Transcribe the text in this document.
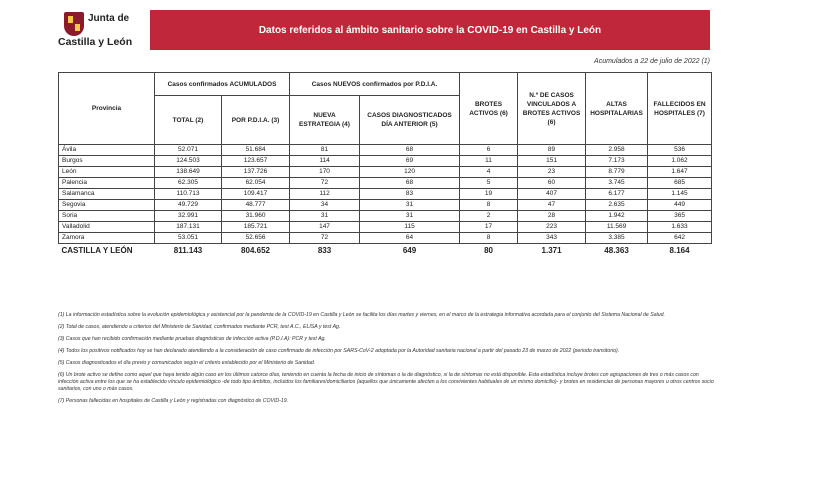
Junta de
Castilla y León
Datos referidos al ámbito sanitario sobre la COVID-19 en Castilla y León
Acumulados a 22 de julio de 2022 (1)
Provincia	Casos confirmados ACUMULADOS		Casos NUEVOS confirmados por P.D.I.A.		BROTES ACTIVOS (6)	N.º DE CASOS VINCULADOS A BROTES ACTIVOS (6)	ALTAS HOSPITALARIAS	FALLECIDOS EN HOSPITALES (7)
	TOTAL (2)	POR P.D.I.A. (3)	NUEVA ESTRATEGIA (4)	CASOS DIAGNOSTICADOS DÍA ANTERIOR (5)				
Ávila	52.071	51.684	81	68	6	89	2.958	536
Burgos	124.503	123.657	114	69	11	151	7.173	1.062
León	138.649	137.726	170	120	4	23	8.779	1.647
Palencia	62.305	62.054	72	68	5	60	3.745	685
Salamanca	110.713	109.417	112	83	19	407	6.177	1.145
Segovia	49.729	48.777	34	31	8	47	2.635	449
Soria	32.991	31.960	31	31	2	28	1.942	365
Valladolid	187.131	185.721	147	115	17	223	11.569	1.633
Zamora	53.051	52.656	72	64	8	343	3.385	642
CASTILLA Y LEÓN	811.143	804.652	833	649	80	1.371	48.363	8.164

(1) La información estadística sobre la evolución epidemiológica y asistencial por la pandemia de la COVID-19 en Castilla y León se facilita los días martes y viernes, en el marco de la estrategia informativa acordada para el conjunto del Sistema Nacional de Salud.

(2) Total de casos, atendiendo a criterios del Ministerio de Sanidad, confirmados mediante PCR, test A.C., ELISA y test Ag.

(3) Casos que han recibido confirmación mediante pruebas diagnósticas de infección activa (P.D.I.A): PCR y test Ag.

(4) Todos los positivos notificados hoy se han declarado atendiendo a la consideración de caso confirmado de infección por SARS-CoV-2 adoptada por la Autoridad sanitaria nacional a partir del pasado 23 de marzo de 2022 (periodo transitorio).

(5) Casos diagnosticados el día previo y comunicados según el criterio establecido por el Ministerio de Sanidad.

(6) Un brote activo se define como aquel que haya tenido algún caso en los últimos catorce días, teniendo en cuenta la fecha de inicio de síntomas o la de diagnóstico, si la de síntomas no está disponible. Esta estadística incluye brotes con agrupaciones de tres o más casos con infección activa entre los que se ha establecido vínculo epidemiológico -de todo tipo ámbitos, incluidos los familiares/domiciliarios (aquellos que únicamente afecten a los convivientes habituales de un mismo domicilio)- y brotes en residencias de personas mayores u otros centros socio sanitarios, con uno o más casos.

(7) Personas fallecidas en hospitales de Castilla y León y registradas con diagnóstico de COVID-19.
